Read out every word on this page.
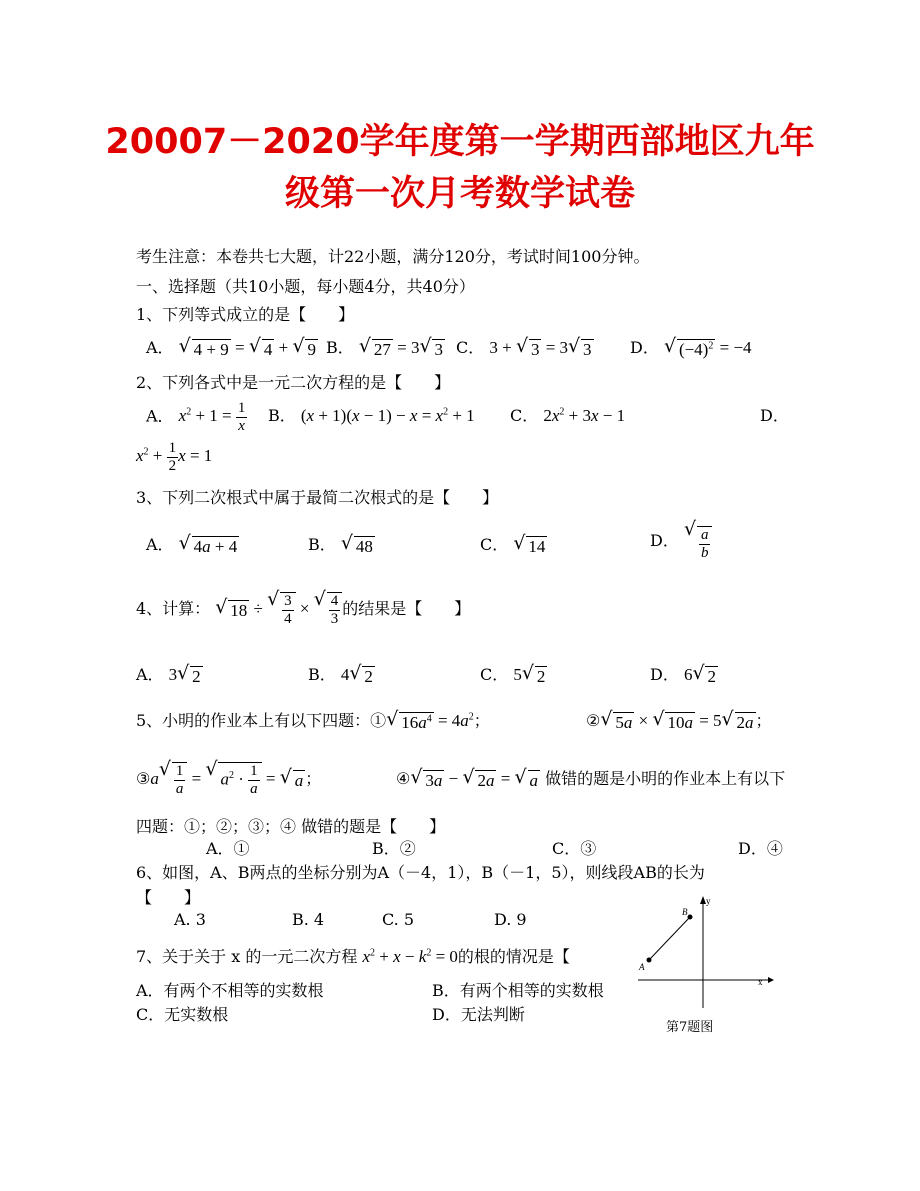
20007－2020学年度第一学期西部地区九年
级第一次月考数学试卷
考生注意：本卷共七大题，计22小题，满分120分，考试时间100分钟。
一、选择题（共10小题，每小题4分，共40分）
1、下列等式成立的是【　　】
A． √ 4 + 9 = √ 4 + √ 9 B． √ 27 = 3 √ 3 C． 3 + √ 3 = 3 √ 3 D． √ $(-4)^2 = -4$
2、下列各式中是一元二次方程的是【　　】
A． $x^2 + 1 = \frac{1}{x}$ B． $(x + 1)(x - 1) - x = x^2 + 1$ C． $2x^2 + 3x - 1$	D．
$x^2 + \frac{1}{2}$ x = 1
3、下列二次根式中属于最简二次根式的是【　　】
A． √ 4a + 4	B． √ 48	C． √ 14	D． √ $\frac{a}{b}$
4、计算： √ 18 ÷ √ $\frac{3}{4}$ × √ $\frac{4}{3}$ 的结果是【　　】
A． 3 √ 2	B． 4 √ 2	C． 5 √ 2	D． 6 √ 2
5、小明的作业本上有以下四题：① √ $16a^4 = 4a^2$；	② √ 5a × √ 10a = 5 √ 2a ；
③a √ $\frac{1}{a}$ = √ $a^2 \cdot \frac{1}{a}$ = √ a ；	④ √ 3a − √ 2a = √ a 做错的题是小明的作业本上有以下
四题：①；②；③；④ 做错的题是【　　】
A．①	B．②	C．③	D．④
6、如图，A、B两点的坐标分别为A（－4，1），B（－1，5），则线段AB的长为
【　　】
A. 3	B. 4	C. 5	D. 9
7、关于关于 x 的一元二次方程 $x^2 + x - k^2 = 0$的根的情况是【
A．有两个不相等的实数根	B．有两个相等的实数根
C．无实数根	D．无法判断
A
B
x
y
第7题图
